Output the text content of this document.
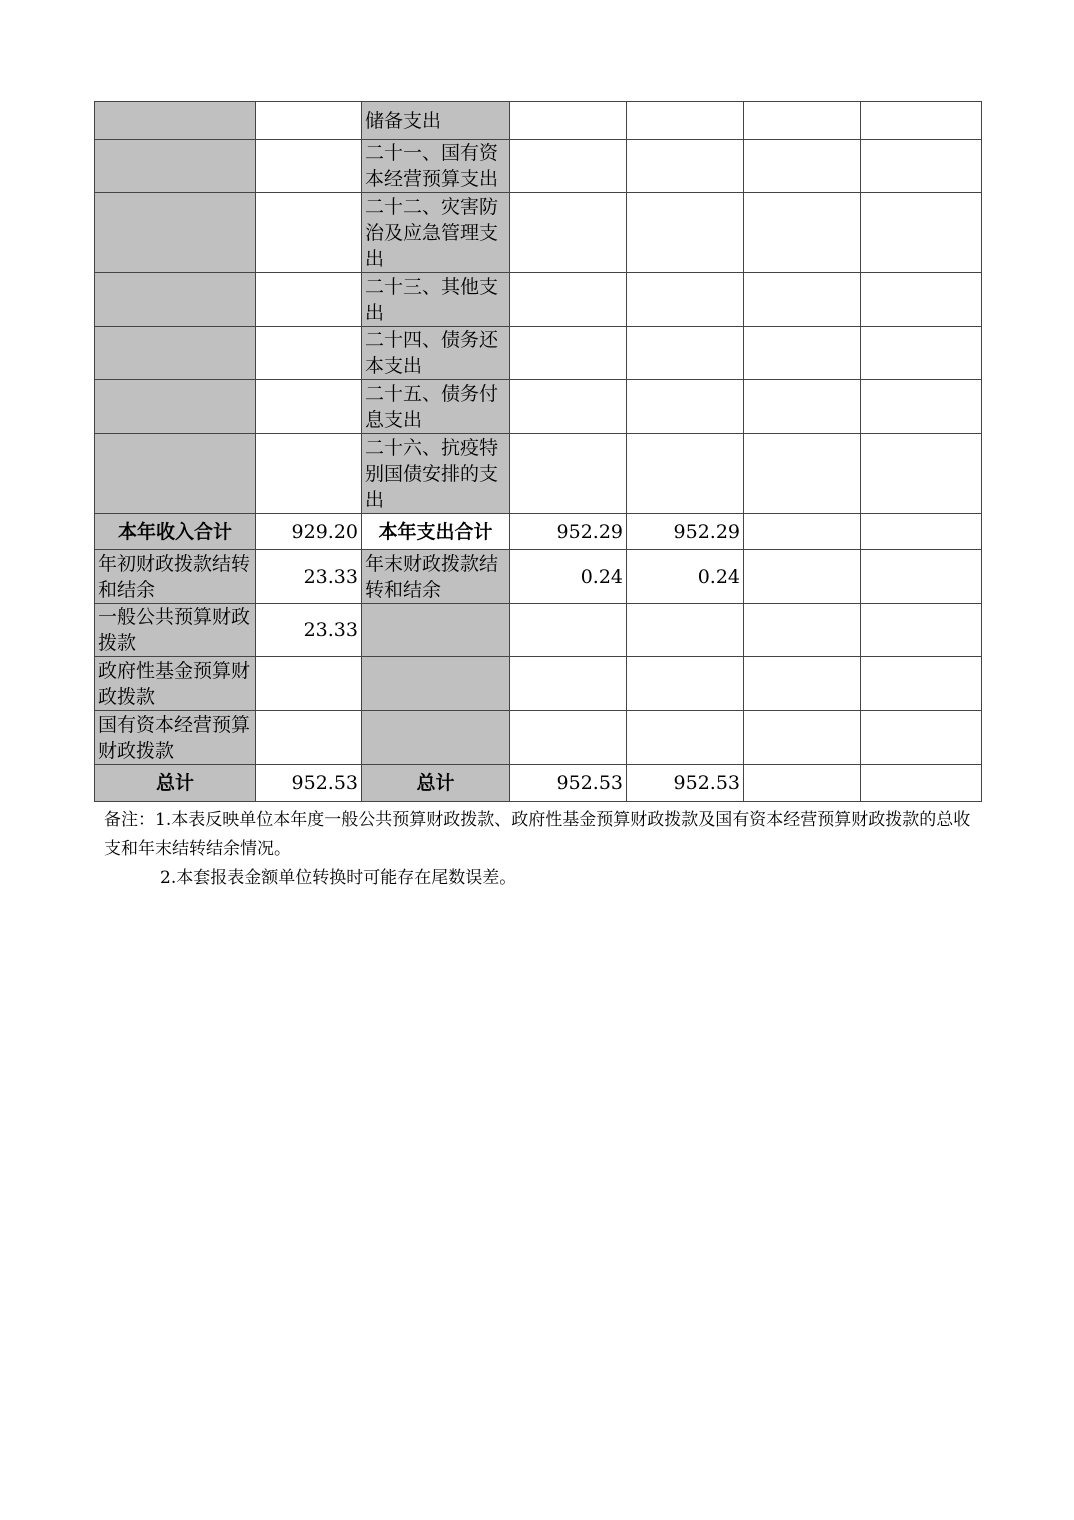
		储备支出				
		二十一、国有资本经营预算支出				
		二十二、灾害防治及应急管理支出				
		二十三、其他支出				
		二十四、债务还本支出				
		二十五、债务付息支出				
		二十六、抗疫特别国债安排的支出				
本年收入合计	929.20	本年支出合计	952.29	952.29		
年初财政拨款结转和结余	23.33	年末财政拨款结转和结余	0.24	0.24		
一般公共预算财政拨款	23.33					
政府性基金预算财政拨款						
国有资本经营预算财政拨款						
总计	952.53	总计	952.53	952.53		

备注：1.本表反映单位本年度一般公共预算财政拨款、政府性基金预算财政拨款及国有资本经营预算财政拨款的总收支和年末结转结余情况。

2.本套报表金额单位转换时可能存在尾数误差。
